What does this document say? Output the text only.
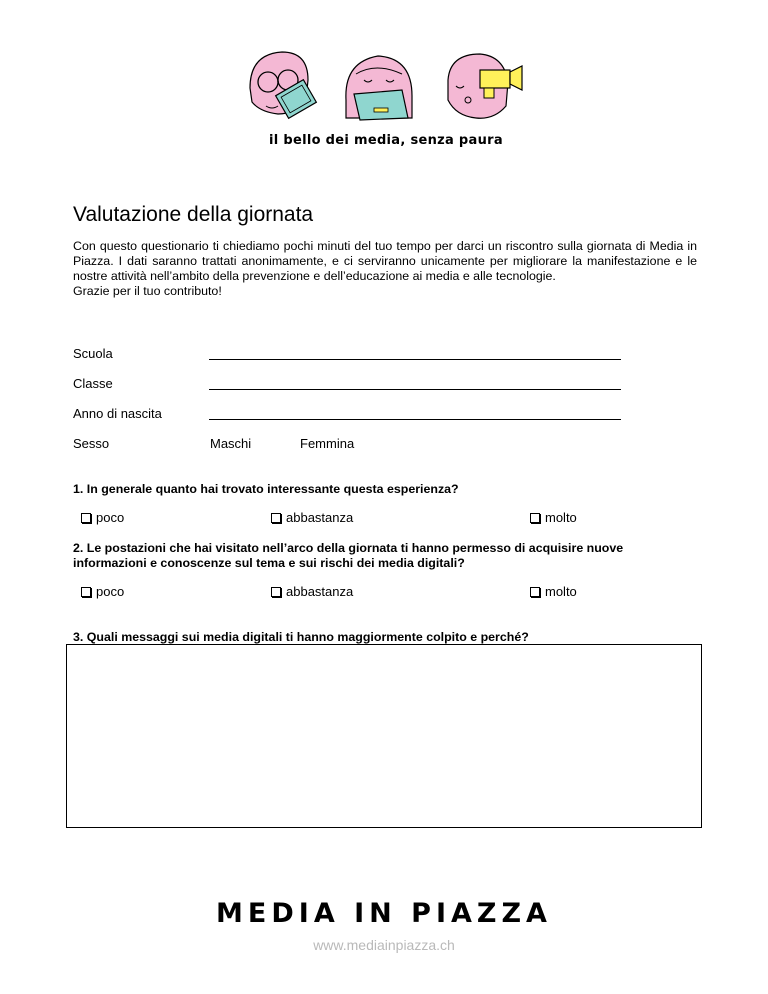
il bello dei media, senza paura
Valutazione della giornata

Con questo questionario ti chiediamo pochi minuti del tuo tempo per darci un riscontro sulla giornata di Media in Piazza. I dati saranno trattati anonimamente, e ci serviranno unicamente per migliorare la manifestazione e le nostre attività nell’ambito della prevenzione e dell’educazione ai media e alle tecnologie.

Grazie per il tuo contributo!

Scuola
Classe
Anno di nascita
Sesso	Maschi	Femmina
1. In generale quanto hai trovato interessante questa esperienza?
poco	abbastanza	molto
2. Le postazioni che hai visitato nell’arco della giornata ti hanno permesso di acquisire nuove informazioni e conoscenze sul tema e sui rischi dei media digitali?
poco	abbastanza	molto
3. Quali messaggi sui media digitali ti hanno maggiormente colpito e perché?
MEDIA IN PIAZZA
www.mediainpiazza.ch
